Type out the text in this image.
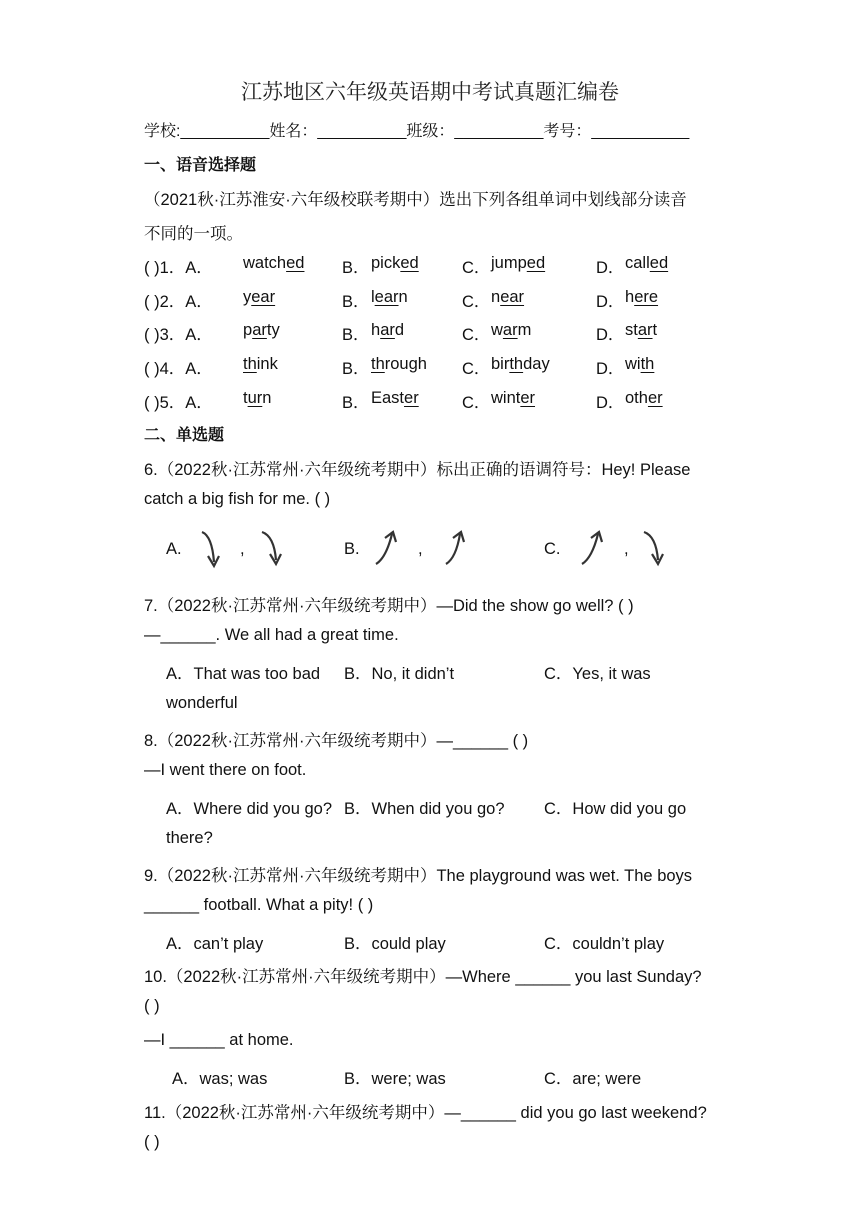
江苏地区六年级英语期中考试真题汇编卷
学校:__________姓名：__________班级：__________考号：___________
一、语音选择题
（2021秋·江苏淮安·六年级校联考期中）选出下列各组单词中划线部分读音
不同的一项。
( )1．A． watched B． picked	C． jumped	D． called
( )2．A． year	B． learn	C． near	D． here
( )3．A． party	B． hard	C． warm	D． start
( )4．A． think	B． through C． birthday	D． with
( )5．A． turn	B． Easter	C． winter	D． other
二、单选题
6.（2022秋·江苏常州·六年级统考期中）标出正确的语调符号：Hey! Please
catch a big fish for me. ( )
A.	,	B.	,	C.	,
7.（2022秋·江苏常州·六年级统考期中）—Did the show go well? ( )
—______. We all had a great time.
A．That was too bad B．No, it didn’t	C．Yes, it was
wonderful
8.（2022秋·江苏常州·六年级统考期中）—______ ( )
—I went there on foot.
A．Where did you go? B．When did you go? C．How did you go
there?
9.（2022秋·江苏常州·六年级统考期中）The playground was wet. The boys
______ football. What a pity! ( )
A．can’t play	B．could play	C．couldn’t play
10.（2022秋·江苏常州·六年级统考期中）—Where ______ you last Sunday?
( )
—I ______ at home.
A．was; was	B．were; was	C．are; were
11.（2022秋·江苏常州·六年级统考期中）—______ did you go last weekend?
( )
